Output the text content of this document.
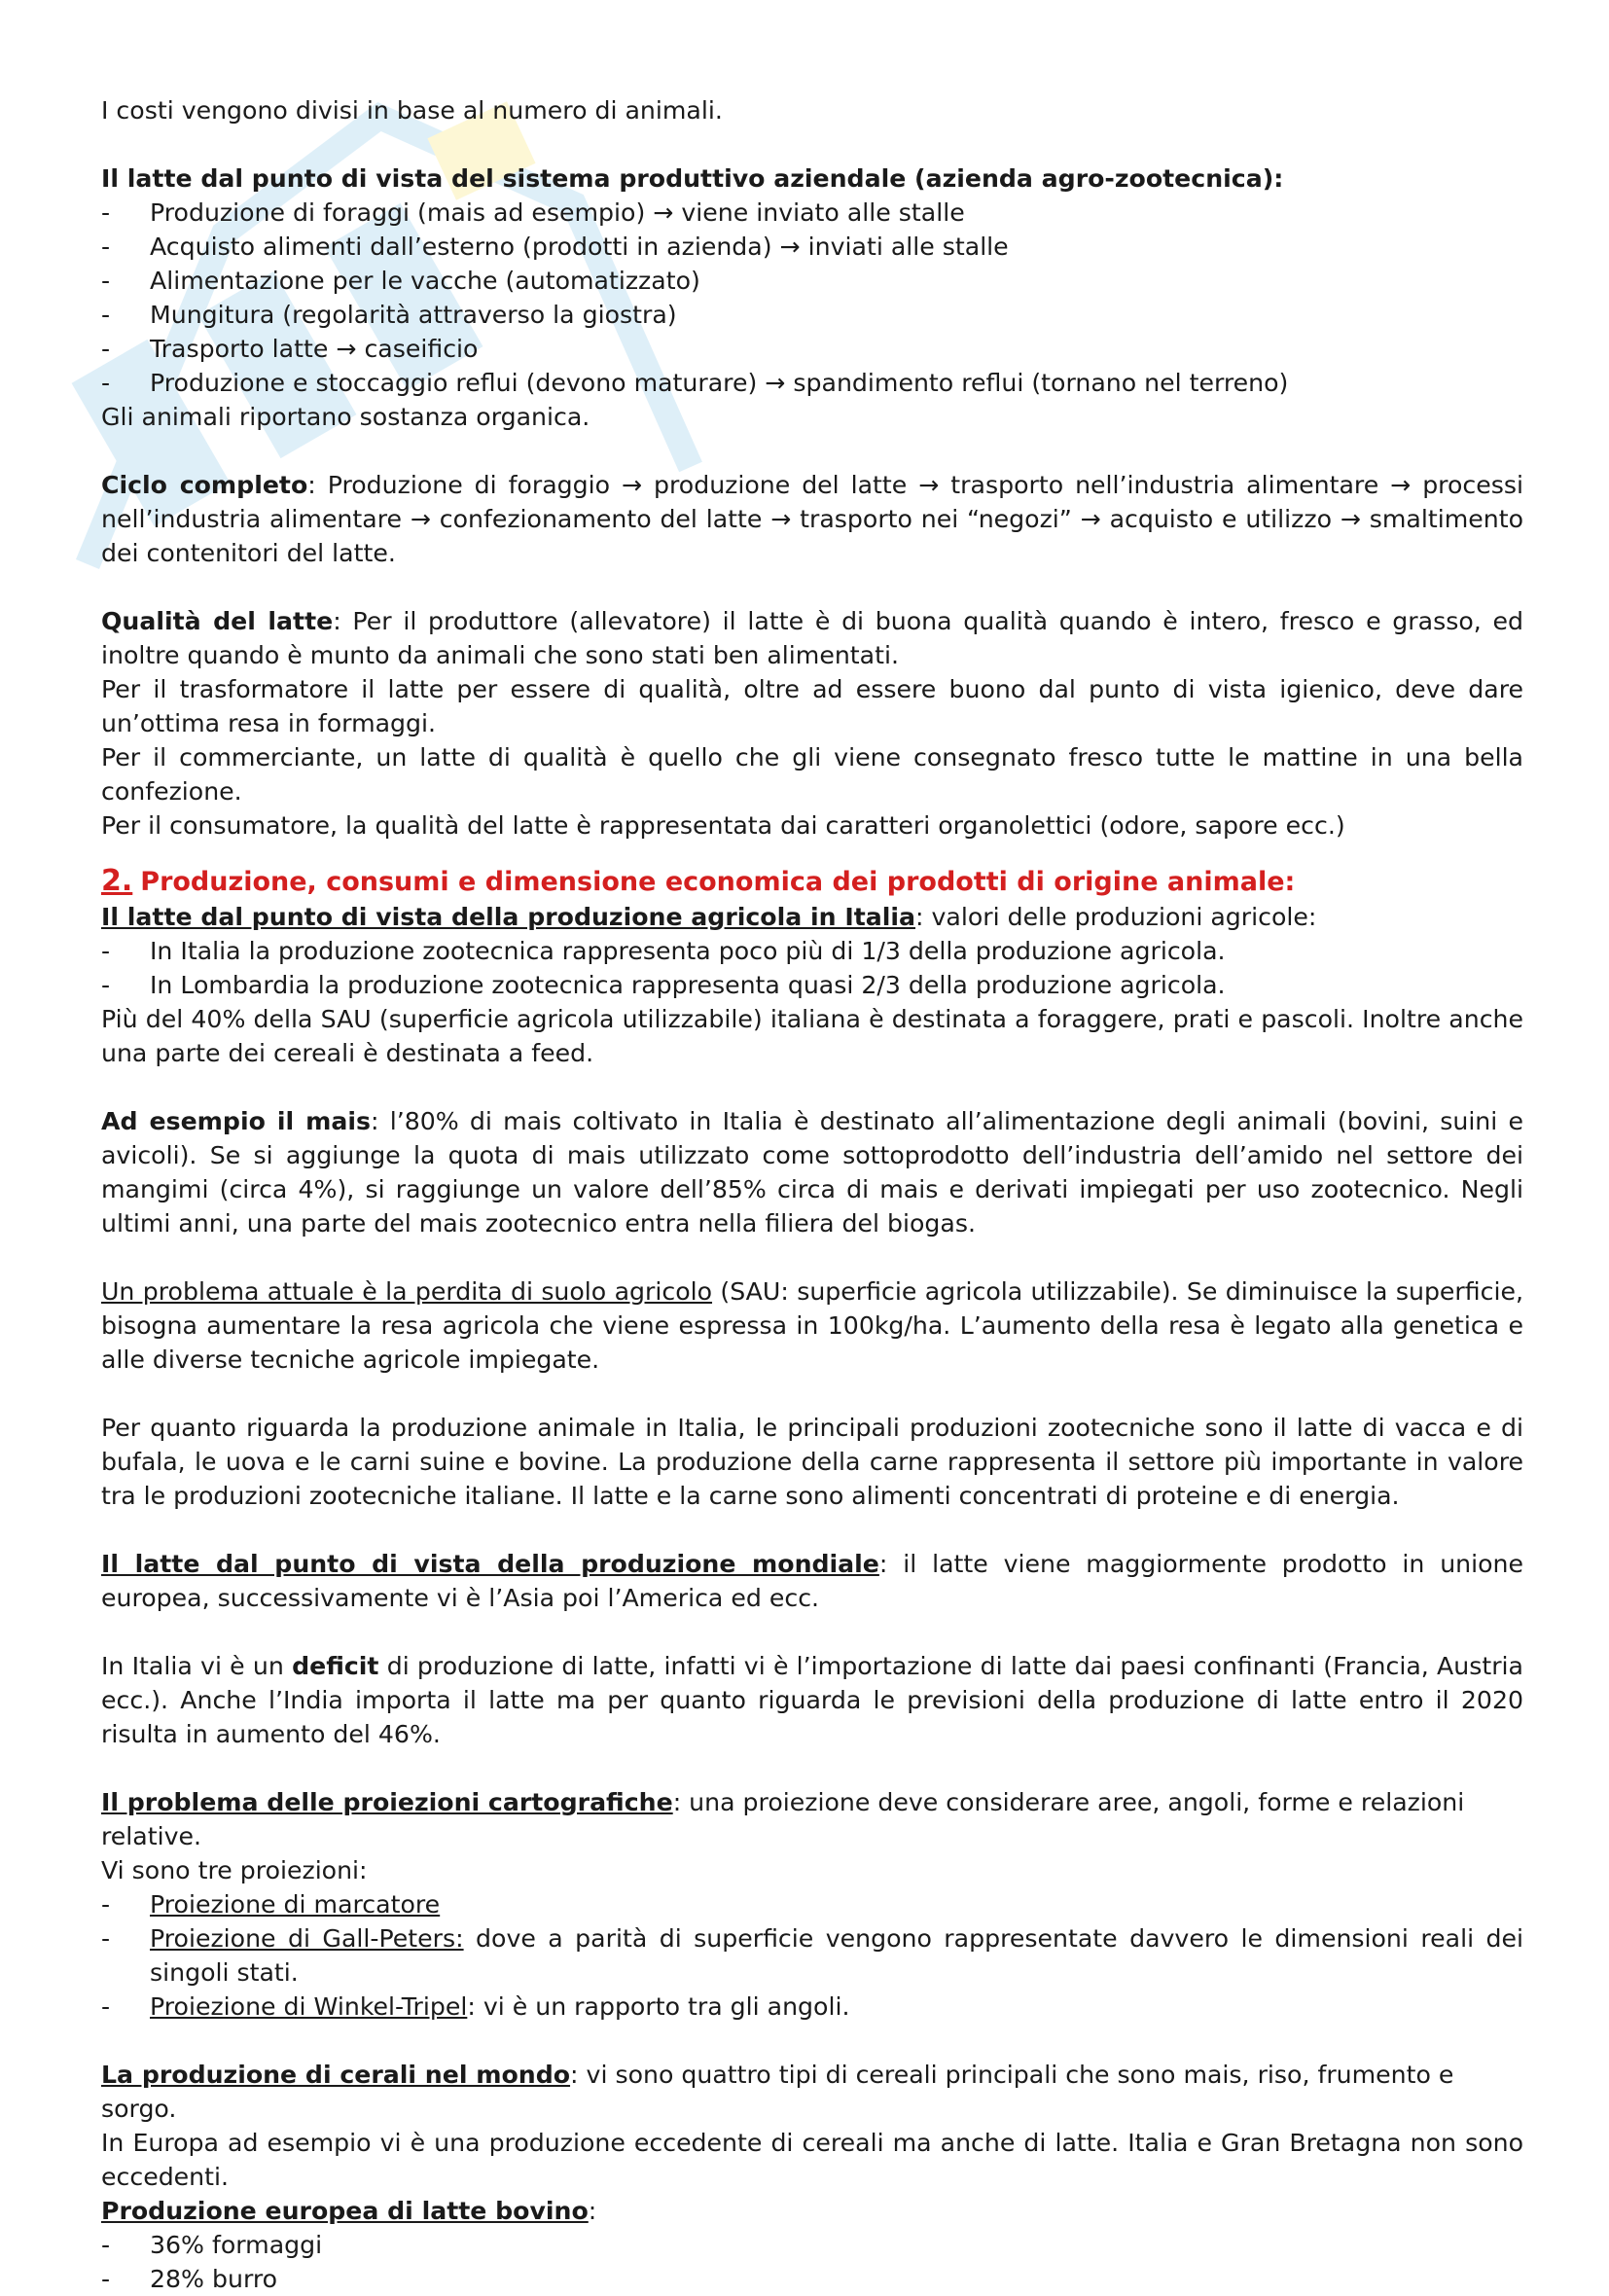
I costi vengono divisi in base al numero di animali.

Il latte dal punto di vista del sistema produttivo aziendale (azienda agro-zootecnica):

- Produzione di foraggi (mais ad esempio) → viene inviato alle stalle
- Acquisto alimenti dall’esterno (prodotti in azienda) → inviati alle stalle
- Alimentazione per le vacche (automatizzato)
- Mungitura (regolarità attraverso la giostra)
- Trasporto latte → caseificio
- Produzione e stoccaggio reflui (devono maturare) → spandimento reflui (tornano nel terreno)

Gli animali riportano sostanza organica.

Ciclo completo: Produzione di foraggio → produzione del latte → trasporto nell’industria alimentare → processi nell’industria alimentare → confezionamento del latte → trasporto nei “negozi” → acquisto e utilizzo → smaltimento dei contenitori del latte.

Qualità del latte: Per il produttore (allevatore) il latte è di buona qualità quando è intero, fresco e grasso, ed inoltre quando è munto da animali che sono stati ben alimentati.

Per il trasformatore il latte per essere di qualità, oltre ad essere buono dal punto di vista igienico, deve dare un’ottima resa in formaggi.

Per il commerciante, un latte di qualità è quello che gli viene consegnato fresco tutte le mattine in una bella confezione.

Per il consumatore, la qualità del latte è rappresentata dai caratteri organolettici (odore, sapore ecc.)

2. Produzione, consumi e dimensione economica dei prodotti di origine animale:

Il latte dal punto di vista della produzione agricola in Italia: valori delle produzioni agricole:

- In Italia la produzione zootecnica rappresenta poco più di 1/3 della produzione agricola.
- In Lombardia la produzione zootecnica rappresenta quasi 2/3 della produzione agricola.

Più del 40% della SAU (superficie agricola utilizzabile) italiana è destinata a foraggere, prati e pascoli. Inoltre anche una parte dei cereali è destinata a feed.

Ad esempio il mais: l’80% di mais coltivato in Italia è destinato all’alimentazione degli animali (bovini, suini e avicoli). Se si aggiunge la quota di mais utilizzato come sottoprodotto dell’industria dell’amido nel settore dei mangimi (circa 4%), si raggiunge un valore dell’85% circa di mais e derivati impiegati per uso zootecnico. Negli ultimi anni, una parte del mais zootecnico entra nella filiera del biogas.

Un problema attuale è la perdita di suolo agricolo (SAU: superficie agricola utilizzabile). Se diminuisce la superficie, bisogna aumentare la resa agricola che viene espressa in 100kg/ha. L’aumento della resa è legato alla genetica e alle diverse tecniche agricole impiegate.

Per quanto riguarda la produzione animale in Italia, le principali produzioni zootecniche sono il latte di vacca e di bufala, le uova e le carni suine e bovine. La produzione della carne rappresenta il settore più importante in valore tra le produzioni zootecniche italiane. Il latte e la carne sono alimenti concentrati di proteine e di energia.

Il latte dal punto di vista della produzione mondiale: il latte viene maggiormente prodotto in unione europea, successivamente vi è l’Asia poi l’America ed ecc.

In Italia vi è un deficit di produzione di latte, infatti vi è l’importazione di latte dai paesi confinanti (Francia, Austria ecc.). Anche l’India importa il latte ma per quanto riguarda le previsioni della produzione di latte entro il 2020 risulta in aumento del 46%.

Il problema delle proiezioni cartografiche: una proiezione deve considerare aree, angoli, forme e relazioni relative.

Vi sono tre proiezioni:

- Proiezione di marcatore
- Proiezione di Gall-Peters: dove a parità di superficie vengono rappresentate davvero le dimensioni reali dei singoli stati.
- Proiezione di Winkel-Tripel: vi è un rapporto tra gli angoli.

La produzione di cerali nel mondo: vi sono quattro tipi di cereali principali che sono mais, riso, frumento e sorgo.

In Europa ad esempio vi è una produzione eccedente di cereali ma anche di latte. Italia e Gran Bretagna non sono eccedenti.

Produzione europea di latte bovino:

- 36% formaggi
- 28% burro
